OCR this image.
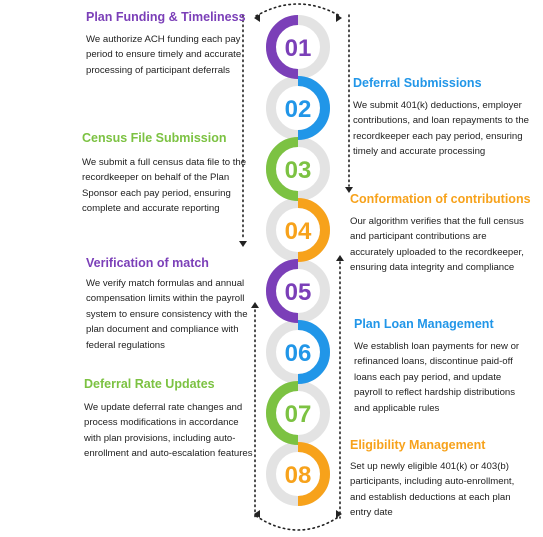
01
02
03
04
05
06
07
08
Plan Funding & Timeliness
We authorize ACH funding each pay period to ensure timely and accurate processing of participant deferrals
Deferral Submissions
We submit 401(k) deductions, employer contributions, and loan repayments to the recordkeeper each pay period, ensuring timely and accurate processing
Census File Submission
We submit a full census data file to the recordkeeper on behalf of the Plan Sponsor each pay period, ensuring complete and accurate reporting
Conformation of contributions
Our algorithm verifies that the full census and participant contributions are accurately uploaded to the recordkeeper, ensuring data integrity and compliance
Verification of match
We verify match formulas and annual compensation limits within the payroll system to ensure consistency with the plan document and compliance with federal regulations
Plan Loan Management
We establish loan payments for new or refinanced loans, discontinue paid-off loans each pay period, and update payroll to reflect hardship distributions and applicable rules
Deferral Rate Updates
We update deferral rate changes and process modifications in accordance with plan provisions, including auto-enrollment and auto-escalation features
Eligibility Management
Set up newly eligible 401(k) or 403(b) participants, including auto-enrollment, and establish deductions at each plan entry date
